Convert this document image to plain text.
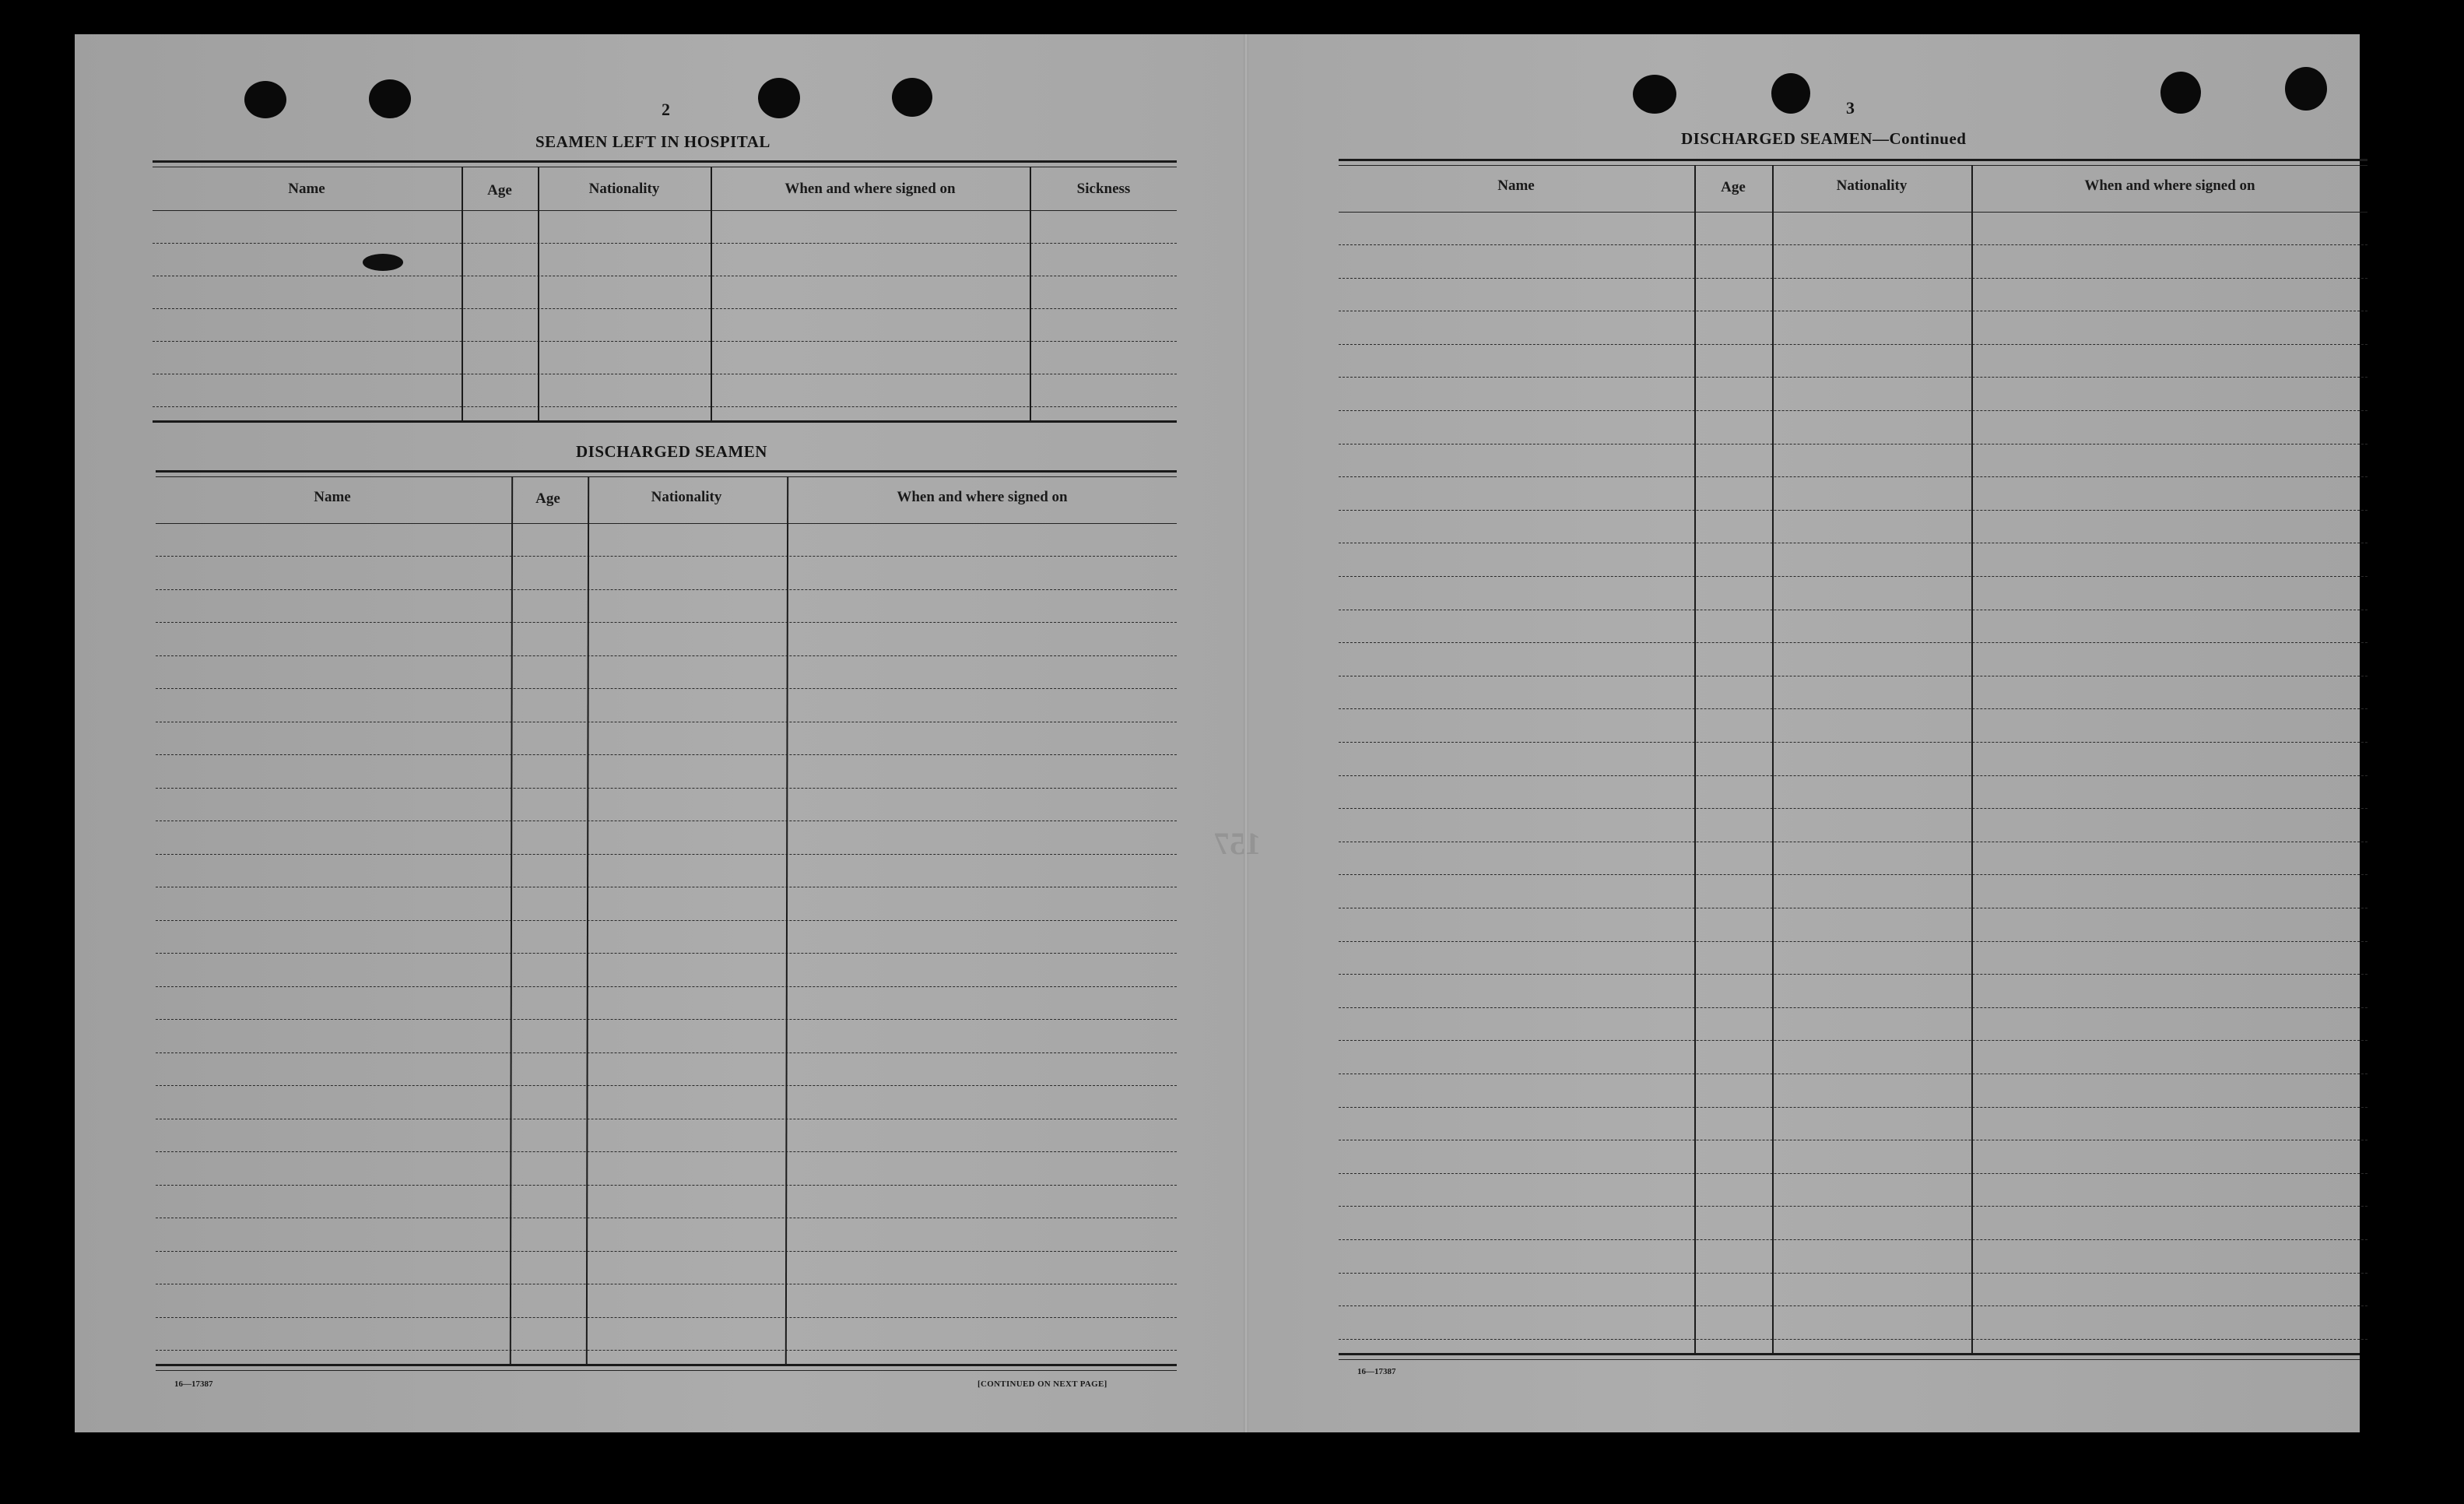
157
2
SEAMEN LEFT IN HOSPITAL
Name	Age	Nationality	When and where signed on	Sickness
DISCHARGED SEAMEN
Name	Age	Nationality	When and where signed on
16—17387	[CONTINUED ON NEXT PAGE]
3
DISCHARGED SEAMEN—Continued
Name	Age	Nationality	When and where signed on
16—17387
